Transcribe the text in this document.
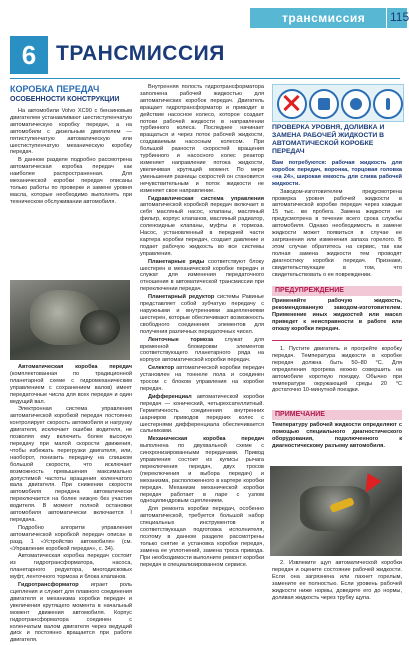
трансмиссия 115
6 ТРАНСМИССИЯ
КОРОБКА ПЕРЕДАЧ
ОСОБЕННОСТИ КОНСТРУКЦИИ

На автомобили Volvo XC90 с бензиновым двигателем устанавливают шестиступенчатую автоматическую коробку передач, а на автомобили с дизельным двигателем — пятиступенчатую автоматическую или шестиступенчатую механическую коробку передач.

В данном разделе подробно рассмотрена автоматическая коробка передач как наиболее распространенная. Для механической коробки передач описаны только работы по проверке и замене уровня масла, которые необходимо выполнять при техническом обслуживании автомобиля.

Автоматическая коробка передач (комплектованная по традиционной планетарной схеме с гидромеханическим управлением с сохранением валов) имеет передаточные числа для всех передач и один ведущий вал.

Электронная система управления автоматической коробкой передач постоянно контролирует скорость автомобиля и нагрузку двигателя, исключает ошибки водителя, не позволяя ему включить более высокую передачу при малой скорости движения, чтобы избежать перегрузки двигателя, или, наоборот, понизить передачу на слишком большой скорости, что исключает возможность превышения максимально допустимой частоты вращения коленчатого вала двигателя. При снижении скорости автомобиля передача автоматически переключается на более низкую без участия водителя. В момент полной остановки автомобиля автоматически включается I передача.

Подробно алгоритм управления автоматической коробкой передач описан в разд. 1 «Устройство автомобиля» (см. «Управление коробкой передач», с. 34).

Автоматическая коробка передач состоит из гидротрансформатора, насоса, планетарного редуктора, многодисковых муфт, ленточного тормоза и блока клапанов.

Гидротрансформатор играет роль сцепления и служит для плавного соединения двигателя и механизма коробки передач и увеличения крутящего момента в начальный момент движения автомобиля. Корпус гидротрансформатора соединен с коленчатым валом двигателя через ведущий диск и постоянно вращается при работе двигателя.

Внутренняя полость гидротрансформатора заполнена рабочей жидкостью для автоматических коробок передач. Двигатель вращает гидротрансформатор и приводит в действие насосное колесо, которое создает потоки рабочей жидкости в направлении турбинного колеса. Последнее начинает вращаться и через поток рабочей жидкости, создаваемым насосным колесом. При большой разности скоростей вращения турбинного и насосного колес реактор изменяет направление потока жидкости, увеличивая крутящий момент. По мере уменьшения разницы скоростей он становится нечувствительным и поток жидкости не изменяет свое направление.

Гидравлическая система управления автоматической коробкой передач включает в себя масляный насос, клапаны, масляный фильтр, корпус клапанов, масляный радиатор, соленоидные клапаны, муфты и тормоза. Насос, установленный в передней части картера коробки передач, создает давление и подает рабочую жидкость во все системы управления.

Планетарные ряды соответствуют блоку шестерен в механической коробке передач и служат для изменения передаточного отношения в автоматической трансмиссии при переключении передач.

Планетарный редуктор системы Равинье представляет собой зубчатую передачу с наружными и внутренними зацеплениями шестерен, которые обеспечивают возможность свободного соединения элементов для получения различных передаточных чисел.

Ленточные тормоза служат для временной блокировки элементов соответствующего планетарного ряда на корпусе автоматической коробки передач.

Селектор автоматической коробки передач установлен на тоннеле пола и соединен тросом с блоком управления на коробке передач.

Дифференциал автоматической коробки передач — конический, четырехсателлитный. Герметичность соединения внутренних шарниров приводов передних колес с шестернями дифференциала обеспечивается сальниками.

Механическая коробка передач выполнена по двухвальной схеме с синхронизированными передачами. Привод управления состоит из кулисы рычага переключения передач, двух тросов (переключения и выбора передач) и механизма, расположенного в картере коробки передач. Механизм механической коробки передач работает в паре с узлом одноцилиндровым сцеплением.

Для ремонта коробки передач, особенно автоматической, требуется большой набор специальных инструментов и соответствующая подготовка исполнителя, поэтому в данном разделе рассмотрены только снятие и установка коробки передач, замена ее уплотнений, замена троса привода. При необходимости выполните ремонт коробки передач в специализированном сервисе.

ПРОВЕРКА УРОВНЯ, ДОЛИВКА И ЗАМЕНА РАБОЧЕЙ ЖИДКОСТИ В АВТОМАТИЧЕСКОЙ КОРОБКЕ ПЕРЕДАЧ

Вам потребуются: рабочая жидкость для коробок передач, воронка, торцовая головка «на 24», широкая емкость для слива рабочей жидкости.

Заводом-изготовителем предусмотрена проверка уровня рабочей жидкости в автоматической коробке передач через каждые 15 тыс. км пробега. Замена жидкости не предусмотрена в течение всего срока службы автомобиля. Однако необходимость в замене жидкости может появиться в случае ее загрязнения или изменения запаха горелого. В этом случае обратитесь на сервис, так как полная замена жидкости тем проводят диагностику коробки передач. Признаки, свидетельствующие в том, что свидетельствовать о ее повреждении.

ПРЕДУПРЕЖДЕНИЕ

Применяйте рабочую жидкость, рекомендованную заводом-изготовителем. Применение иных жидкостей или масел приведет к неисправности в работе или отказу коробки передач.

1. Пустите двигатель и прогрейте коробку передач. Температура жидкости в коробке передач должна быть 50–80 °С. Для определения прогрева можно совершить на автомобиле короткую поездку. Обычно при температуре окружающей среды 20 °С достаточно 10-минутной поездки.

ПРИМЕЧАНИЕ

Температуру рабочей жидкости определяют с помощью специального диагностического оборудования, подключенного к диагностическому разъему автомобиля.

2. Извлеките щуп автоматической коробки передач и оцените состояние рабочей жидкости. Если она загрязнена или пахнет горелым, замените ее полностью. Если уровень рабочей жидкости ниже нормы, доведите его до нормы, доливая жидкость через трубку щупа.
